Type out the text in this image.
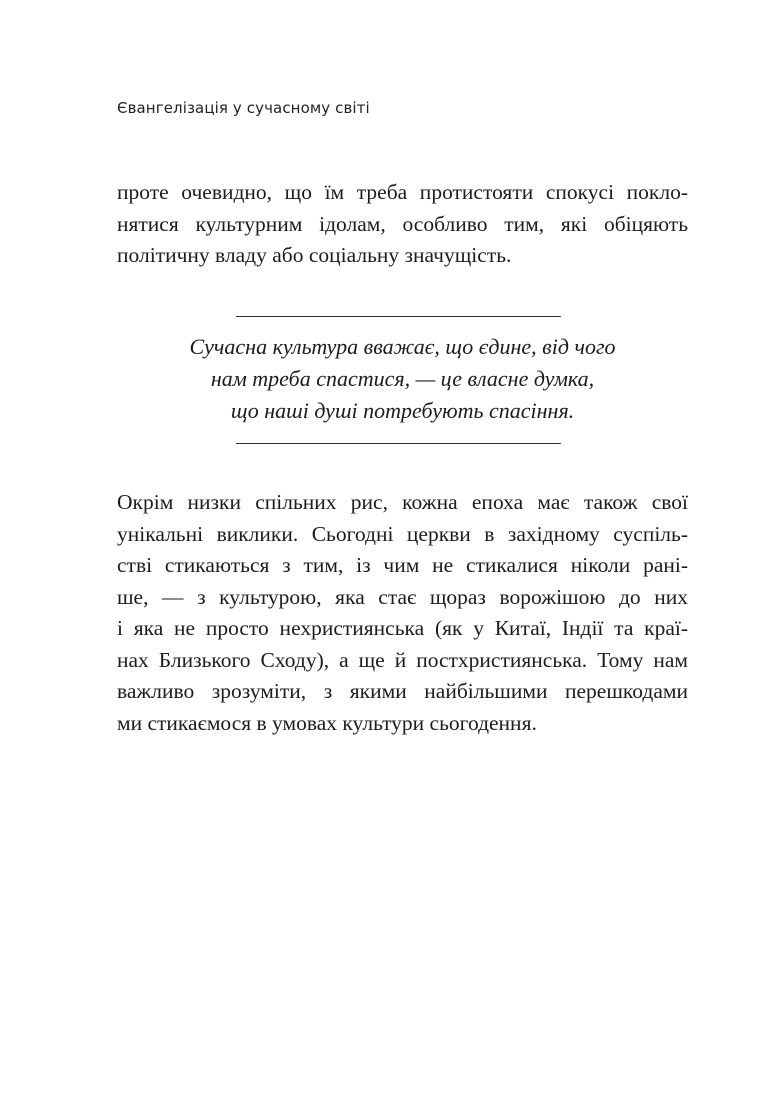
Євангелізація у сучасному світі
проте очевидно, що їм треба протистояти спокусі покло-
нятися культурним ідолам, особливо тим, які обіцяють
політичну владу або соціальну значущість.
Сучасна культура вважає, що єдине, від чого
нам треба спастися, — це власне думка,
що наші душі потребують спасіння.
Окрім низки спільних рис, кожна епоха має також свої
унікальні виклики. Сьогодні церкви в західному суспіль-
стві стикаються з тим, із чим не стикалися ніколи рані-
ше, — з культурою, яка стає щораз ворожішою до них
і яка не просто нехристиянська (як у Китаї, Індії та краї-
нах Близького Сходу), а ще й постхристиянська. Тому нам
важливо зрозуміти, з якими найбільшими перешкодами
ми стикаємося в умовах культури сьогодення.
